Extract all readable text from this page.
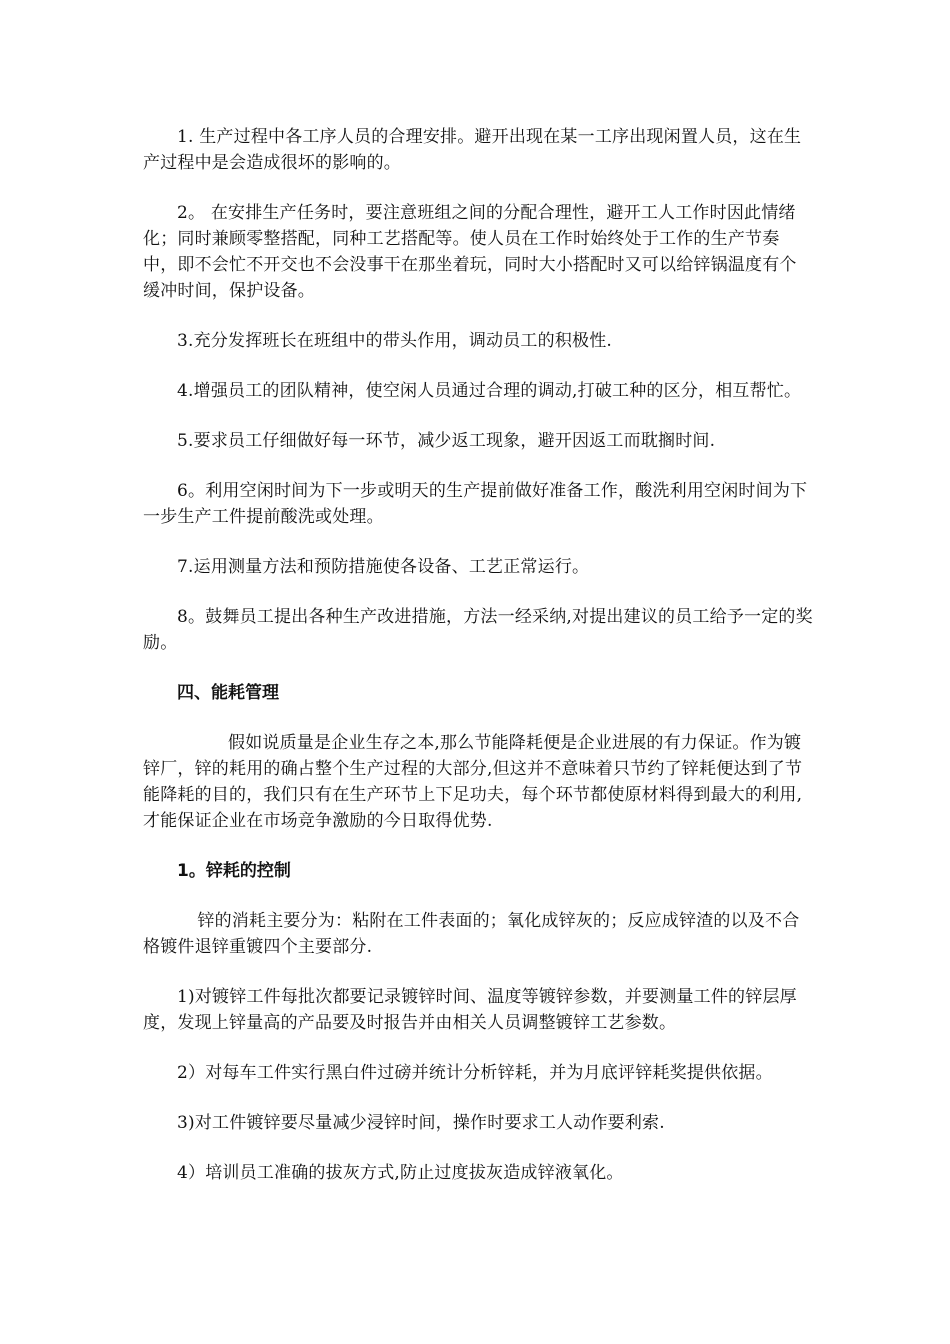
1. 生产过程中各工序人员的合理安排。避开出现在某一工序出现闲置人员，这在生产过程中是会造成很坏的影响的。

2。 在安排生产任务时，要注意班组之间的分配合理性，避开工人工作时因此情绪化；同时兼顾零整搭配，同种工艺搭配等。使人员在工作时始终处于工作的生产节奏中，即不会忙不开交也不会没事干在那坐着玩，同时大小搭配时又可以给锌锅温度有个缓冲时间，保护设备。

3.充分发挥班长在班组中的带头作用，调动员工的积极性.

4.增强员工的团队精神，使空闲人员通过合理的调动,打破工种的区分，相互帮忙。

5.要求员工仔细做好每一环节，减少返工现象，避开因返工而耽搁时间.

6。利用空闲时间为下一步或明天的生产提前做好准备工作，酸洗利用空闲时间为下一步生产工件提前酸洗或处理。

7.运用测量方法和预防措施使各设备、工艺正常运行。

8。鼓舞员工提出各种生产改进措施，方法一经采纳,对提出建议的员工给予一定的奖励。

四、能耗管理

假如说质量是企业生存之本,那么节能降耗便是企业进展的有力保证。作为镀锌厂，锌的耗用的确占整个生产过程的大部分,但这并不意味着只节约了锌耗便达到了节能降耗的目的，我们只有在生产环节上下足功夫，每个环节都使原材料得到最大的利用,才能保证企业在市场竞争激励的今日取得优势.

1。锌耗的控制

锌的消耗主要分为：粘附在工件表面的；氧化成锌灰的；反应成锌渣的以及不合格镀件退锌重镀四个主要部分.

1)对镀锌工件每批次都要记录镀锌时间、温度等镀锌参数，并要测量工件的锌层厚度，发现上锌量高的产品要及时报告并由相关人员调整镀锌工艺参数。

2）对每车工件实行黑白件过磅并统计分析锌耗，并为月底评锌耗奖提供依据。

3)对工件镀锌要尽量减少浸锌时间，操作时要求工人动作要利索.

4）培训员工准确的拔灰方式,防止过度拔灰造成锌液氧化。
